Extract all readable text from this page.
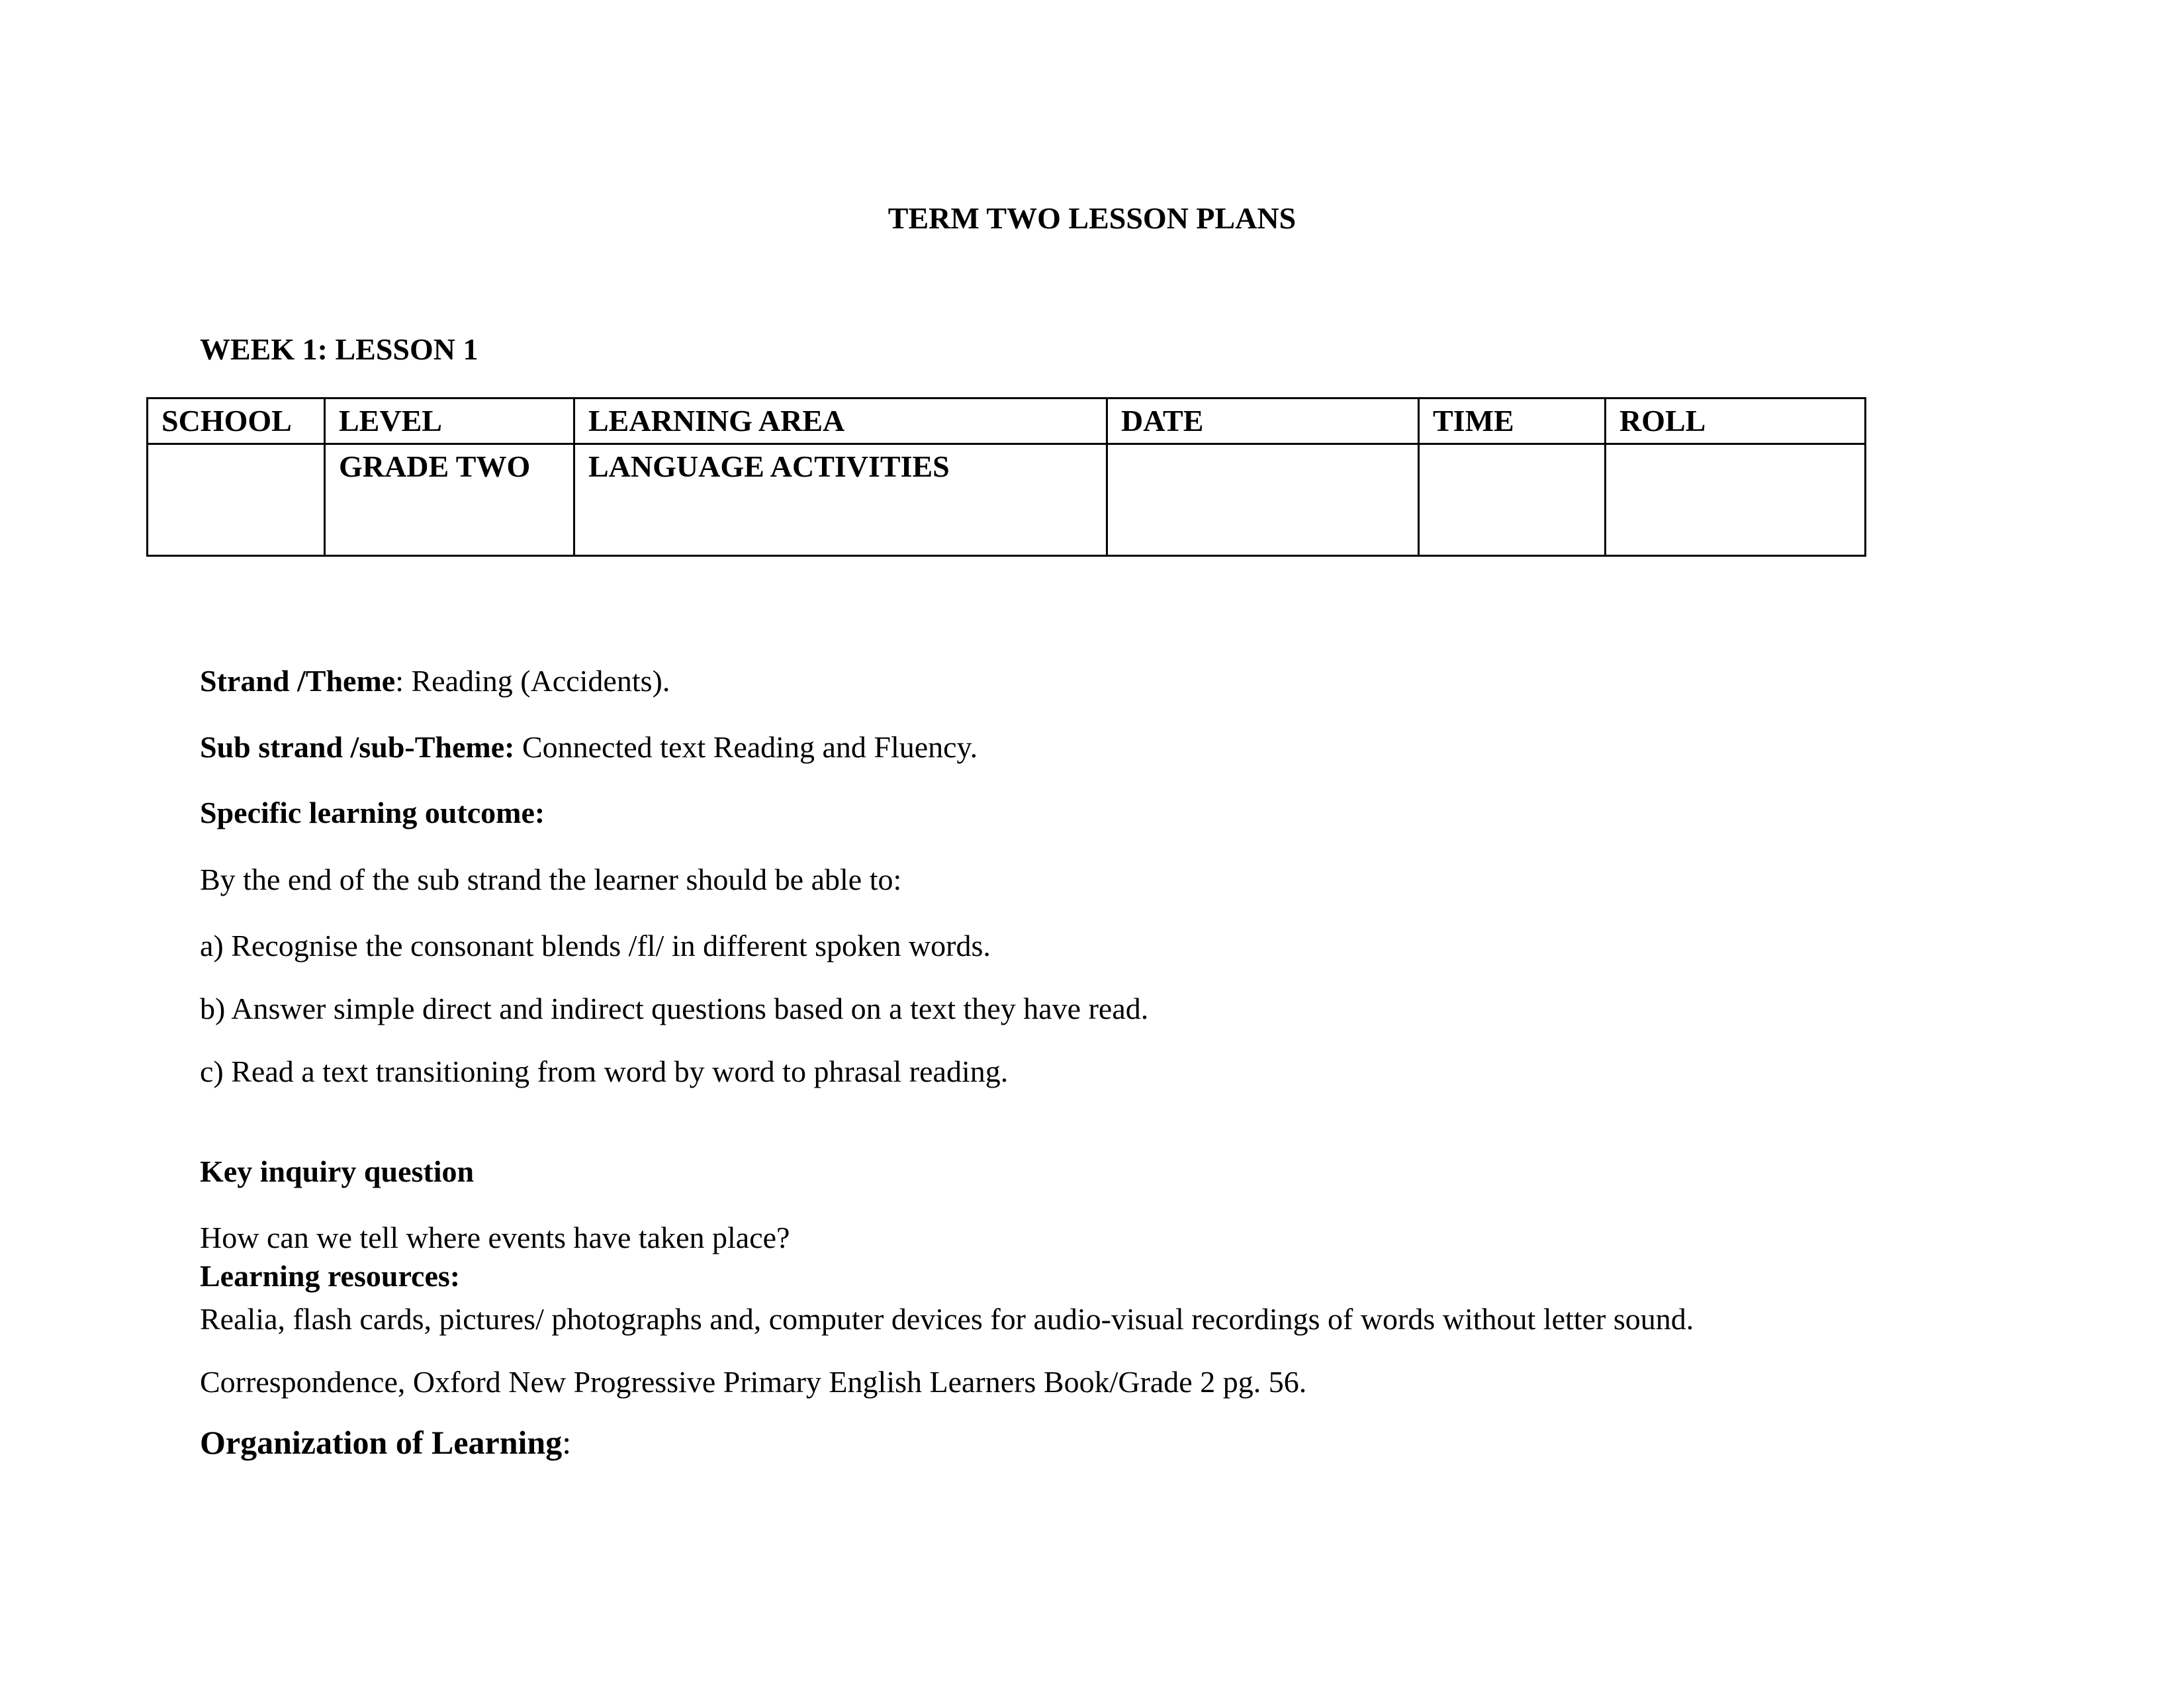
TERM TWO LESSON PLANS
WEEK 1: LESSON 1
SCHOOL	LEVEL	LEARNING AREA	DATE	TIME	ROLL
	GRADE TWO	LANGUAGE ACTIVITIES			
Strand /Theme: Reading (Accidents).
Sub strand /sub-Theme: Connected text Reading and Fluency.
Specific learning outcome:
By the end of the sub strand the learner should be able to:
a) Recognise the consonant blends /fl/ in different spoken words.
b) Answer simple direct and indirect questions based on a text they have read.
c) Read a text transitioning from word by word to phrasal reading.
Key inquiry question
How can we tell where events have taken place?
Learning resources:
Realia, flash cards, pictures/ photographs and, computer devices for audio-visual recordings of words without letter sound.
Correspondence, Oxford New Progressive Primary English Learners Book/Grade 2 pg. 56.
Organization of Learning:
